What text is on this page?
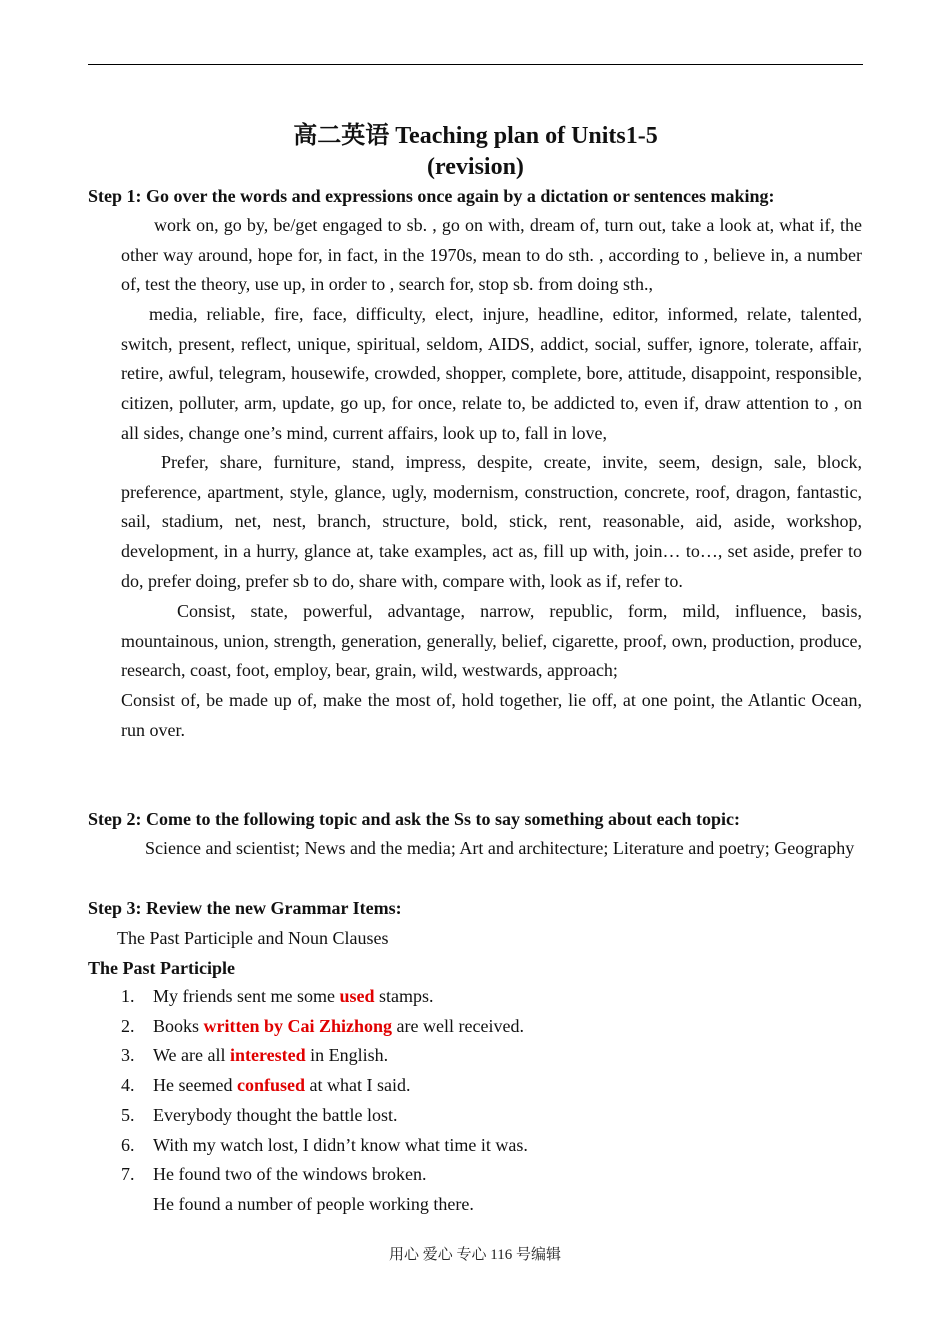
高二英语 Teaching plan of Units1-5
(revision)
Step 1: Go over the words and expressions once again by a dictation or sentences making:
work on, go by, be/get engaged to sb. , go on with, dream of, turn out, take a look at, what if, the other way around, hope for, in fact, in the 1970s, mean to do sth. , according to , believe in, a number of, test the theory, use up, in order to , search for, stop sb. from doing sth.,
media, reliable, fire, face, difficulty, elect, injure, headline, editor, informed, relate, talented, switch, present, reflect, unique, spiritual, seldom, AIDS, addict, social, suffer, ignore, tolerate, affair, retire, awful, telegram, housewife, crowded, shopper, complete, bore, attitude, disappoint, responsible, citizen, polluter, arm, update, go up, for once, relate to, be addicted to, even if, draw attention to , on all sides, change one’s mind, current affairs, look up to, fall in love,
Prefer, share, furniture, stand, impress, despite, create, invite, seem, design, sale, block, preference, apartment, style, glance, ugly, modernism, construction, concrete, roof, dragon, fantastic, sail, stadium, net, nest, branch, structure, bold, stick, rent, reasonable, aid, aside, workshop, development, in a hurry, glance at, take examples, act as, fill up with, join… to…, set aside, prefer to do, prefer doing, prefer sb to do, share with, compare with, look as if, refer to.
Consist, state, powerful, advantage, narrow, republic, form, mild, influence, basis, mountainous, union, strength, generation, generally, belief, cigarette, proof, own, production, produce, research, coast, foot, employ, bear, grain, wild, westwards, approach;
Consist of, be made up of, make the most of, hold together, lie off, at one point, the Atlantic Ocean, run over.
Step 2: Come to the following topic and ask the Ss to say something about each topic:
Science and scientist; News and the media; Art and architecture; Literature and poetry; Geography
Step 3: Review the new Grammar Items:
The Past Participle and Noun Clauses
The Past Participle
1. My friends sent me some used stamps.
2. Books written by Cai Zhizhong are well received.
3. We are all interested in English.
4. He seemed confused at what I said.
5. Everybody thought the battle lost.
6. With my watch lost, I didn’t know what time it was.
7. He found two of the windows broken.
He found a number of people working there.
用心 爱心 专心 116 号编辑
